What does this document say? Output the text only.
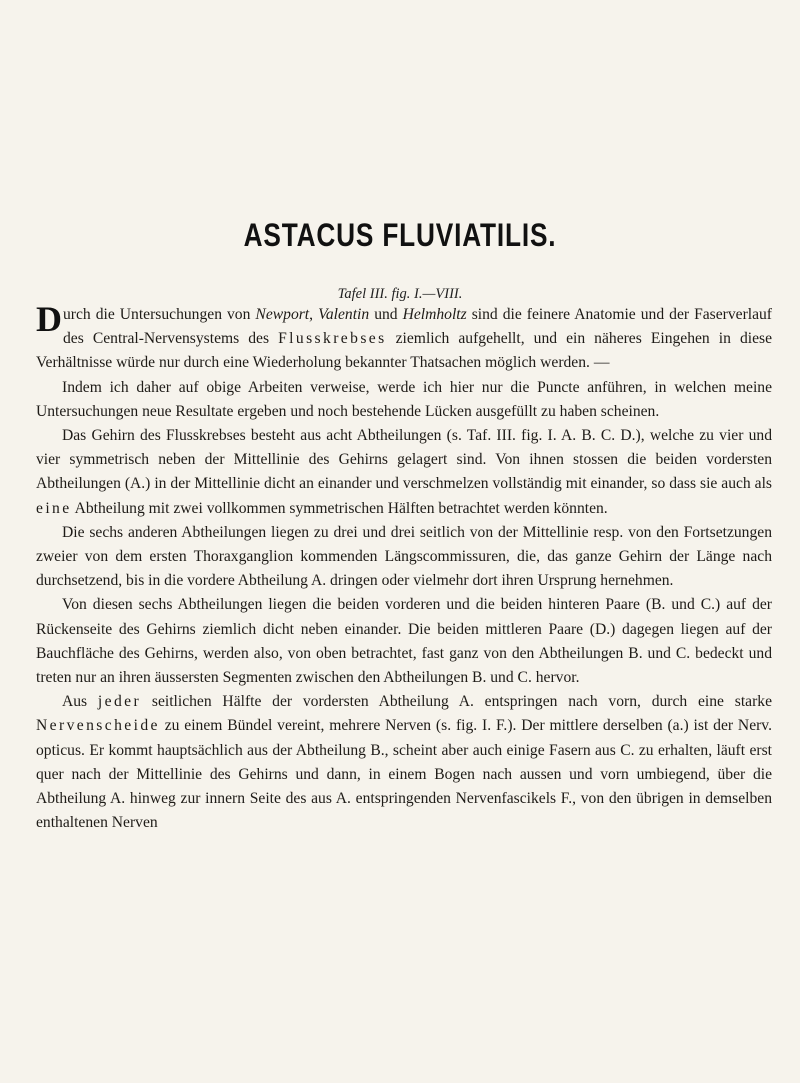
ASTACUS FLUVIATILIS.
Tafel III. fig. I.—VIII.

Durch die Untersuchungen von Newport, Valentin und Helmholtz sind die feinere Anatomie und der Faserverlauf des Central-Nervensystems des Flusskrebses ziemlich aufgehellt, und ein näheres Eingehen in diese Verhältnisse würde nur durch eine Wiederholung bekannter Thatsachen möglich werden. —

Indem ich daher auf obige Arbeiten verweise, werde ich hier nur die Puncte anführen, in welchen meine Untersuchungen neue Resultate ergeben und noch bestehende Lücken ausgefüllt zu haben scheinen.

Das Gehirn des Flusskrebses besteht aus acht Abtheilungen (s. Taf. III. fig. I. A. B. C. D.), welche zu vier und vier symmetrisch neben der Mittellinie des Gehirns gelagert sind. Von ihnen stossen die beiden vordersten Abtheilungen (A.) in der Mittellinie dicht an einander und verschmelzen vollständig mit einander, so dass sie auch als eine Abtheilung mit zwei vollkommen symmetrischen Hälften betrachtet werden könnten.

Die sechs anderen Abtheilungen liegen zu drei und drei seitlich von der Mittellinie resp. von den Fortsetzungen zweier von dem ersten Thoraxganglion kommenden Längscommissuren, die, das ganze Gehirn der Länge nach durchsetzend, bis in die vordere Abtheilung A. dringen oder vielmehr dort ihren Ursprung hernehmen.

Von diesen sechs Abtheilungen liegen die beiden vorderen und die beiden hinteren Paare (B. und C.) auf der Rückenseite des Gehirns ziemlich dicht neben einander. Die beiden mittleren Paare (D.) dagegen liegen auf der Bauchfläche des Gehirns, werden also, von oben betrachtet, fast ganz von den Abtheilungen B. und C. bedeckt und treten nur an ihren äussersten Segmenten zwischen den Abtheilungen B. und C. hervor.

Aus jeder seitlichen Hälfte der vordersten Abtheilung A. entspringen nach vorn, durch eine starke Nervenscheide zu einem Bündel vereint, mehrere Nerven (s. fig. I. F.). Der mittlere derselben (a.) ist der Nerv. opticus. Er kommt hauptsächlich aus der Abtheilung B., scheint aber auch einige Fasern aus C. zu erhalten, läuft erst quer nach der Mittellinie des Gehirns und dann, in einem Bogen nach aussen und vorn umbiegend, über die Abtheilung A. hinweg zur innern Seite des aus A. entspringenden Nervenfascikels F., von den übrigen in demselben enthaltenen Nerven
